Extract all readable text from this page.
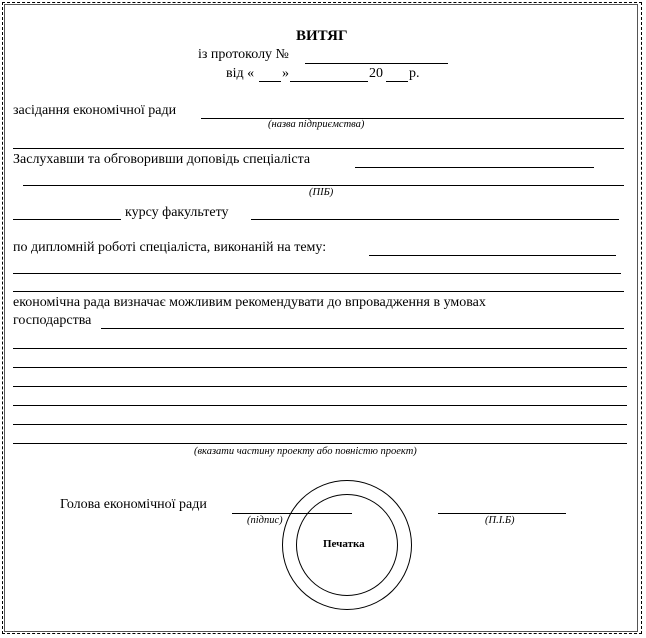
ВИТЯГ
із протоколу №
від « »	20 р.
засідання економічної ради
(назва підприємства)
Заслухавши та обговоривши доповідь спеціаліста
(ПІБ)
курсу факультету
по дипломній роботі спеціаліста, виконаній на тему:
економічна рада визначає можливим рекомендувати до впровадження в умовах
господарства
(вказати частину проекту або повністю проект)
Голова економічної ради
(підпис)	(П.І.Б)
Печатка
